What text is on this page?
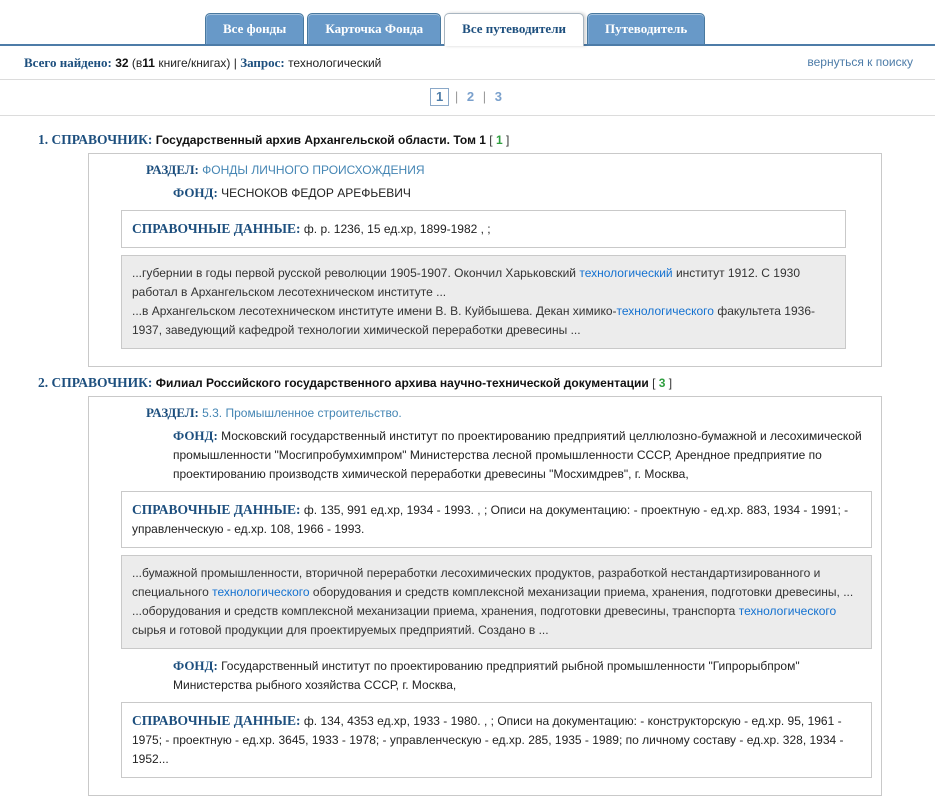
Все фонды	Карточка Фонда	Все путеводители	Путеводитель
вернуться к поиску
Всего найдено: 32 (в11 книге/книгах) | Запрос: технологический
1 | 2 | 3
1. СПРАВОЧНИК: Государственный архив Архангельской области. Том 1 [ 1 ]
РАЗДЕЛ: ФОНДЫ ЛИЧНОГО ПРОИСХОЖДЕНИЯ
ФОНД: ЧЕСНОКОВ ФЕДОР АРЕФЬЕВИЧ
СПРАВОЧНЫЕ ДАННЫЕ: ф. р. 1236, 15 ед.хр, 1899-1982 , ;
...губернии в годы первой русской революции 1905-1907. Окончил Харьковский технологический институт 1912. С 1930 работал в Архангельском лесотехническом институте ...
...в Архангельском лесотехническом институте имени В. В. Куйбышева. Декан химико-технологического факультета 1936-1937, заведующий кафедрой технологии химической переработки древесины ...
2. СПРАВОЧНИК: Филиал Российского государственного архива научно-технической документации [ 3 ]
РАЗДЕЛ: 5.3. Промышленное строительство.
ФОНД: Московский государственный институт по проектированию предприятий целлюлозно-бумажной и лесохимической промышленности "Мосгипробумхимпром" Министерства лесной промышленности СССР, Арендное предприятие по проектированию производств химической переработки древесины "Мосхимдрев", г. Москва,
СПРАВОЧНЫЕ ДАННЫЕ: ф. 135, 991 ед.хр, 1934 - 1993. , ; Описи на документацию: - проектную - ед.хр. 883, 1934 - 1991; - управленческую - ед.хр. 108, 1966 - 1993.
...бумажной промышленности, вторичной переработки лесохимических продуктов, разработкой нестандартизированного и специального технологического оборудования и средств комплексной механизации приема, хранения, подготовки древесины, ...
...оборудования и средств комплексной механизации приема, хранения, подготовки древесины, транспорта технологического сырья и готовой продукции для проектируемых предприятий. Создано в ...
ФОНД: Государственный институт по проектированию предприятий рыбной промышленности "Гипрорыбпром" Министерства рыбного хозяйства СССР, г. Москва,
СПРАВОЧНЫЕ ДАННЫЕ: ф. 134, 4353 ед.хр, 1933 - 1980. , ; Описи на документацию: - конструкторскую - ед.хр. 95, 1961 - 1975; - проектную - ед.хр. 3645, 1933 - 1978; - управленческую - ед.хр. 285, 1935 - 1989; по личному составу - ед.хр. 328, 1934 - 1952...
